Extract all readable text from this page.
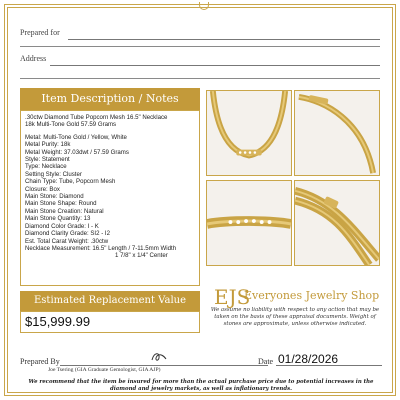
Prepared for
Address
Item Description / Notes
.30ctw Diamond Tube Popcorn Mesh 16.5" Necklace
18k Multi-Tone Gold 57.59 Grams
Metal: Multi-Tone Gold / Yellow, White
Metal Purity: 18k
Metal Weight: 37.03dwt / 57.59 Grams
Style: Statement
Type: Necklace
Setting Style: Cluster
Chain Type: Tube, Popcorn Mesh
Closure: Box
Main Stone: Diamond
Main Stone Shape: Round
Main Stone Creation: Natural
Main Stone Quantity: 13
Diamond Color Grade: I - K
Diamond Clarity Grade: SI2 - I2
Est. Total Carat Weight: .30ctw
Necklace Measurement: 16.5" Length / 7-11.5mm Width
1 7/8" x 1/4" Center
EJS
Everyones Jewelry Shop
Estimated Replacement Value
$15,999.99
We assume no liability with respect to any action that may be taken on the basis of these appraisal documents. Weight of stones are approximate, unless otherwise indicated.
Prepared By	Date 01/28/2026
Joe Tsering (GIA Graduate Gemologist, GIA AJP)
We recommend that the item be insured for more than the actual purchase price due to potential increases in the diamond and jewelry markets, as well as inflationary trends.
